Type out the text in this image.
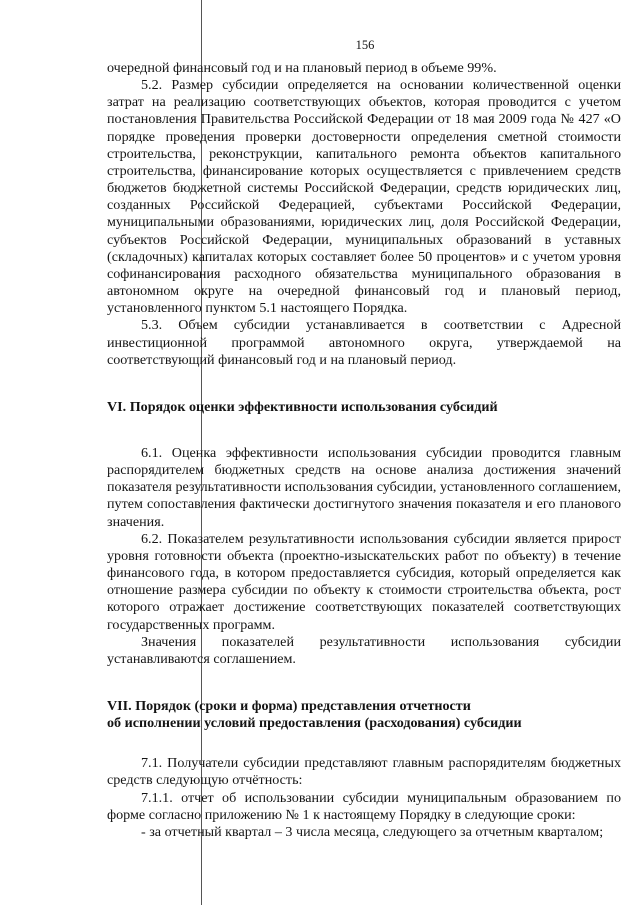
156

очередной финансовый год и на плановый период в объеме 99%.

5.2. Размер субсидии определяется на основании количественной оценки затрат на реализацию соответствующих объектов, которая проводится с учетом постановления Правительства Российской Федерации от 18 мая 2009 года № 427 «О порядке проведения проверки достоверности определения сметной стоимости строительства, реконструкции, капитального ремонта объектов капитального строительства, финансирование которых осуществляется с привлечением средств бюджетов бюджетной системы Российской Федерации, средств юридических лиц, созданных Российской Федерацией, субъектами Российской Федерации, муниципальными образованиями, юридических лиц, доля Российской Федерации, субъектов Российской Федерации, муниципальных образований в уставных (складочных) капиталах которых составляет более 50 процентов» и с учетом уровня софинансирования расходного обязательства муниципального образования в автономном округе на очередной финансовый год и плановый период, установленного пунктом 5.1 настоящего Порядка.

5.3. Объем субсидии устанавливается в соответствии с Адресной инвестиционной программой автономного округа, утверждаемой на соответствующий финансовый год и на плановый период.

VI. Порядок оценки эффективности использования субсидий

6.1. Оценка эффективности использования субсидии проводится главным распорядителем бюджетных средств на основе анализа достижения значений показателя результативности использования субсидии, установленного соглашением, путем сопоставления фактически достигнутого значения показателя и его планового значения.

6.2. Показателем результативности использования субсидии является прирост уровня готовности объекта (проектно-изыскательских работ по объекту) в течение финансового года, в котором предоставляется субсидия, который определяется как отношение размера субсидии по объекту к стоимости строительства объекта, рост которого отражает достижение соответствующих показателей соответствующих государственных программ.

Значения показателей результативности использования субсидии устанавливаются соглашением.

VII. Порядок (сроки и форма) представления отчетности

об исполнении условий предоставления (расходования) субсидии

7.1. Получатели субсидии представляют главным распорядителям бюджетных средств следующую отчётность:

7.1.1. отчет об использовании субсидии муниципальным образованием по форме согласно приложению № 1 к настоящему Порядку в следующие сроки:

- за отчетный квартал – 3 числа месяца, следующего за отчетным кварталом;
